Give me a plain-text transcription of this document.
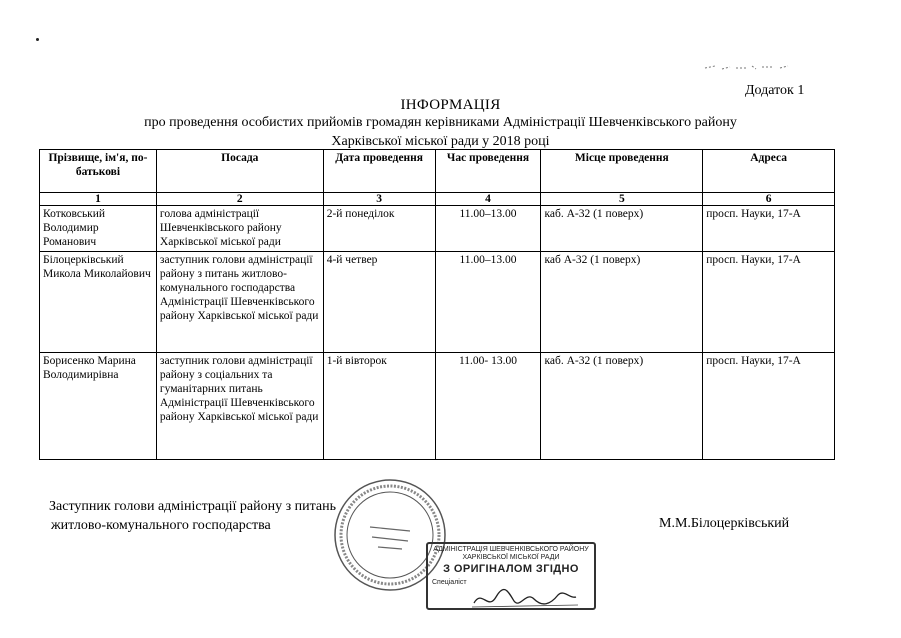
Додаток 1
ІНФОРМАЦІЯ
про проведення особистих прийомів громадян керівниками Адміністрації Шевченківського району
Харківської міської ради у 2018 році
Прізвище, ім'я, по-батькові	Посада	Дата проведення	Час проведення	Місце проведення	Адреса
1	2	3	4	5	6
Котковський Володимир Романович	голова адміністрації Шевченківського району Харківської міської ради	2-й понеділок	11.00–13.00	каб. А-32 (1 поверх)	просп. Науки, 17-А
Білоцерківський Микола Миколайович	заступник голови адміністрації району з питань житлово-комунального господарства Адміністрації Шевченківського району Харківської міської ради	4-й четвер	11.00–13.00	каб А-32 (1 поверх)	просп. Науки, 17-А
Борисенко Марина Володимирівна	заступник голови адміністрації району з соціальних та гуманітарних питань Адміністрації Шевченківського району Харківської міської ради	1-й вівторок	11.00- 13.00	каб. А-32 (1 поверх)	просп. Науки, 17-А
Заступник голови адміністрації району з питань
житлово-комунального господарства	М.М.Білоцерківський
АДМІНІСТРАЦІЯ ШЕВЧЕНКІВСЬКОГО РАЙОНУ
ХАРКІВСЬКОЇ МІСЬКОЇ РАДИ
З ОРИГІНАЛОМ ЗГІДНО
Спеціаліст
